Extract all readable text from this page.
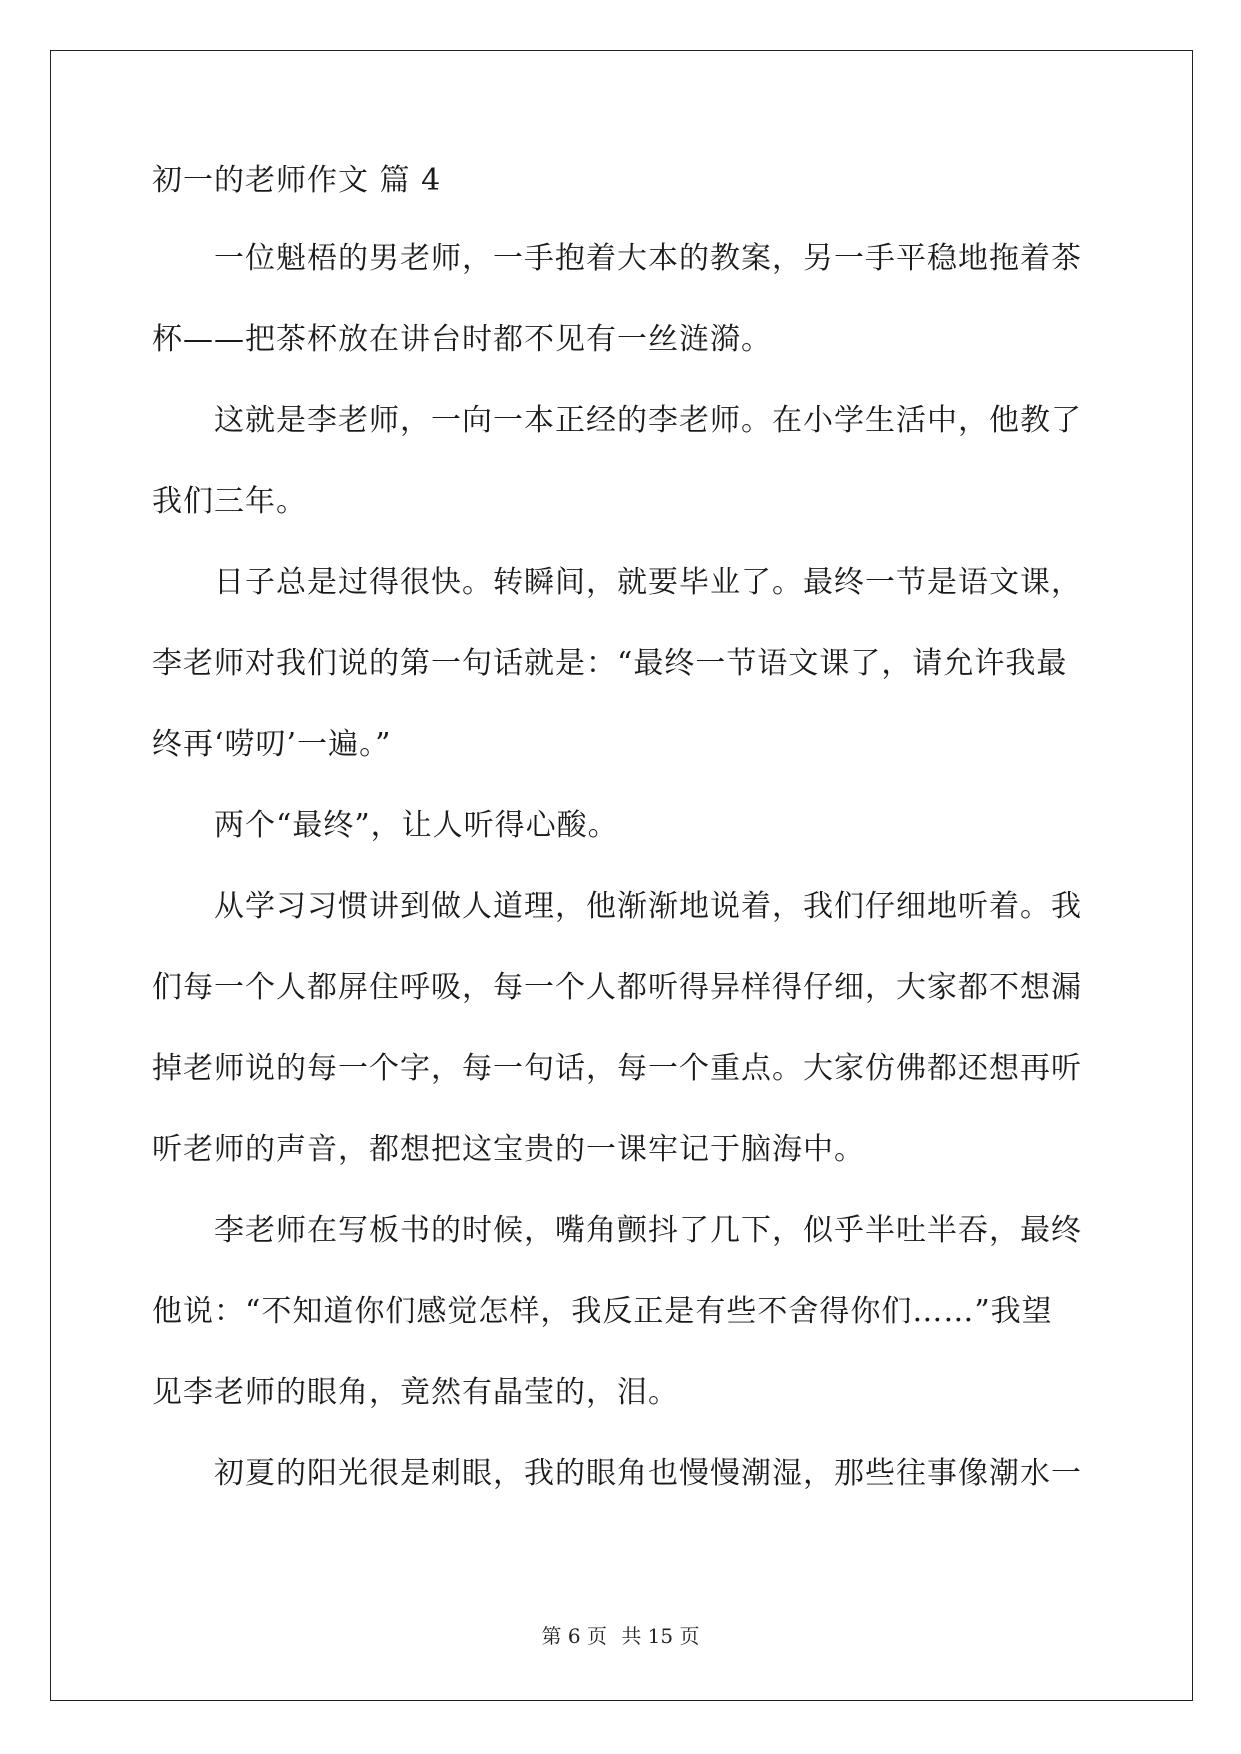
初一的老师作文 篇 4
一位魁梧的男老师，一手抱着大本的教案，另一手平稳地拖着茶
杯——把茶杯放在讲台时都不见有一丝涟漪。
这就是李老师，一向一本正经的李老师。在小学生活中，他教了
我们三年。
日子总是过得很快。转瞬间，就要毕业了。最终一节是语文课，
李老师对我们说的第一句话就是：“最终一节语文课了，请允许我最
终再‘唠叨’一遍。”
两个“最终”，让人听得心酸。
从学习习惯讲到做人道理，他渐渐地说着，我们仔细地听着。我
们每一个人都屏住呼吸，每一个人都听得异样得仔细，大家都不想漏
掉老师说的每一个字，每一句话，每一个重点。大家仿佛都还想再听
听老师的声音，都想把这宝贵的一课牢记于脑海中。
李老师在写板书的时候，嘴角颤抖了几下，似乎半吐半吞，最终
他说：“不知道你们感觉怎样，我反正是有些不舍得你们……”我望
见李老师的眼角，竟然有晶莹的，泪。
初夏的阳光很是刺眼，我的眼角也慢慢潮湿，那些往事像潮水一
第 6 页 共 15 页
